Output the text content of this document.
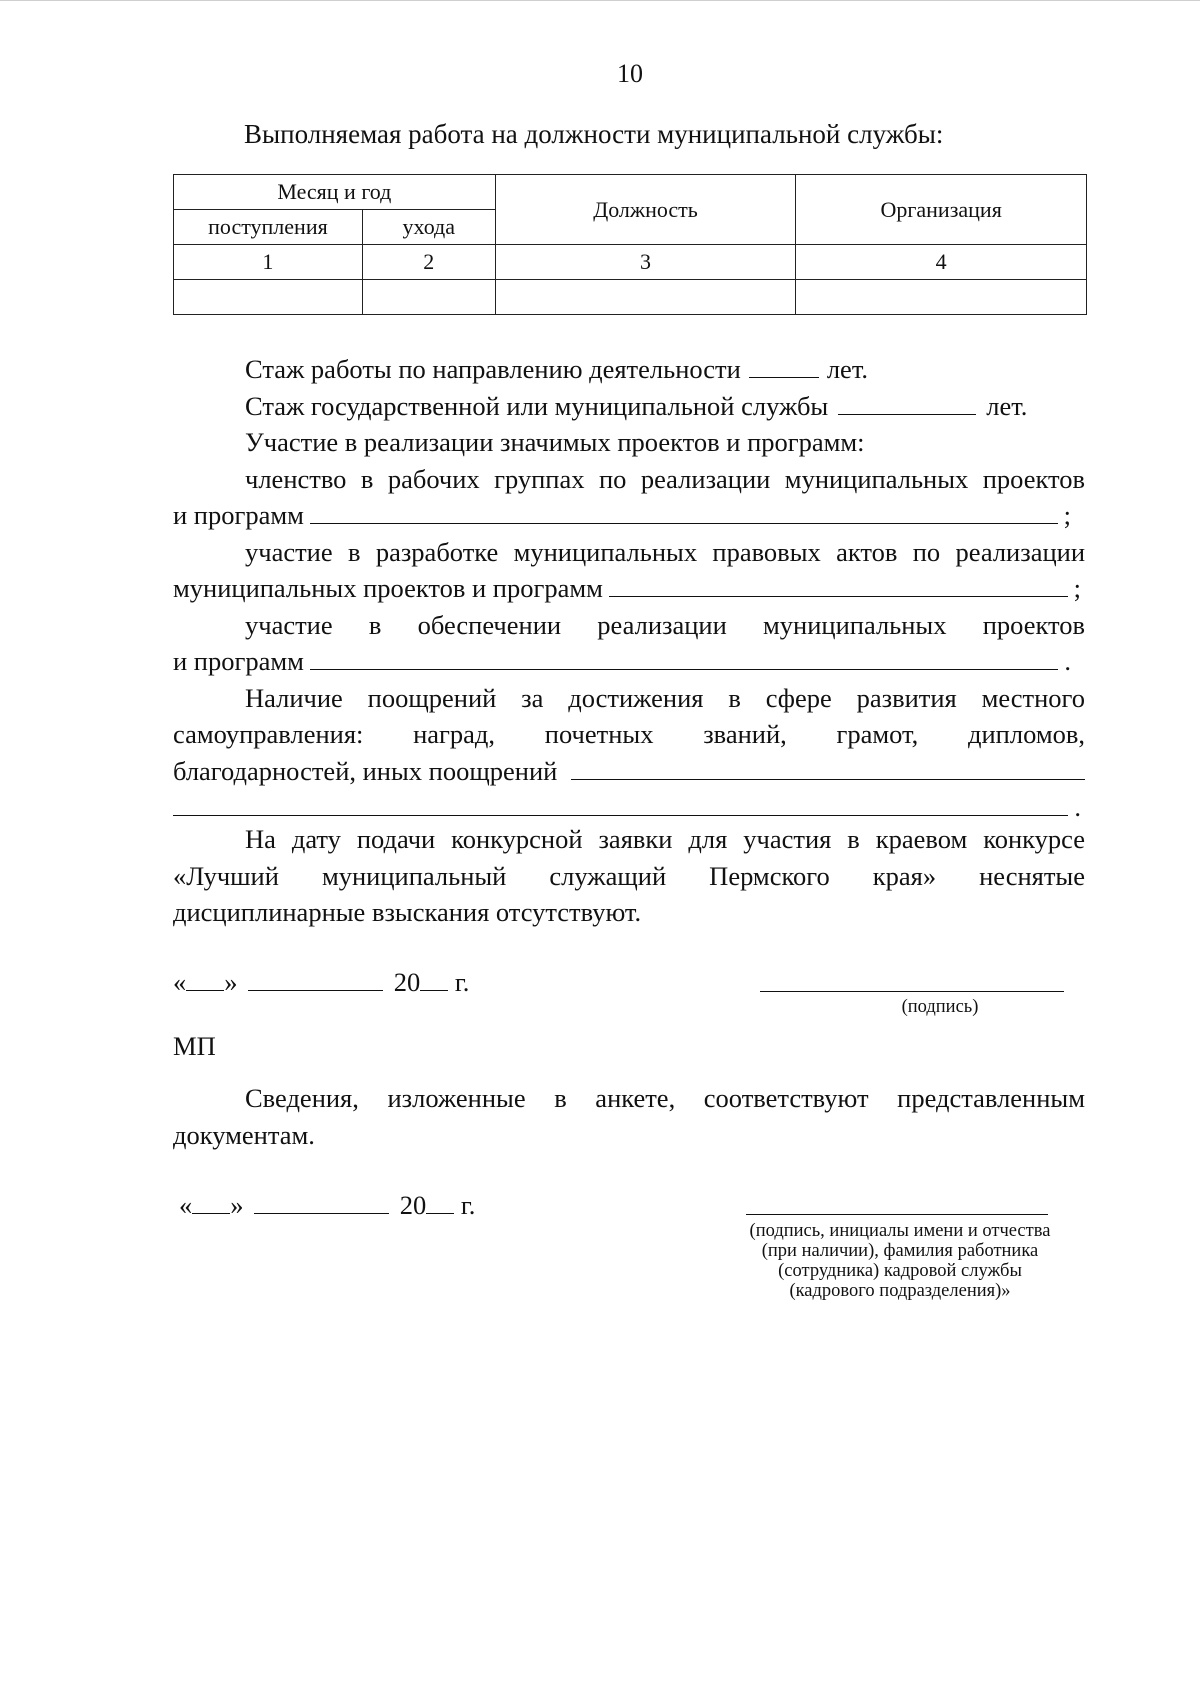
10
Выполняемая работа на должности муниципальной службы:
Месяц и год		Должность	Организация
поступления	ухода		
1	2	3	4

Стаж работы по направлению деятельности	лет.
Стаж государственной или муниципальной службы	лет.
Участие в реализации значимых проектов и программ:
членство в рабочих группах по реализации муниципальных проектов
и программ	;
участие в разработке муниципальных правовых актов по реализации
муниципальных проектов и программ	;
участие в обеспечении реализации муниципальных проектов
и программ	.
Наличие поощрений за достижения в сфере развития местного
самоуправления: наград, почетных званий, грамот, дипломов,
благодарностей, иных поощрений
.
На дату подачи конкурсной заявки для участия в краевом конкурсе
«Лучший муниципальный служащий Пермского края» неснятые
дисциплинарные взыскания отсутствуют.
« »	20 г.
(подпись)
МП
Сведения, изложенные в анкете, соответствуют представленным
документам.
« »	20 г.
(подпись, инициалы имени и отчества
(при наличии), фамилия работника
(сотрудника) кадровой службы
(кадрового подразделения)»
